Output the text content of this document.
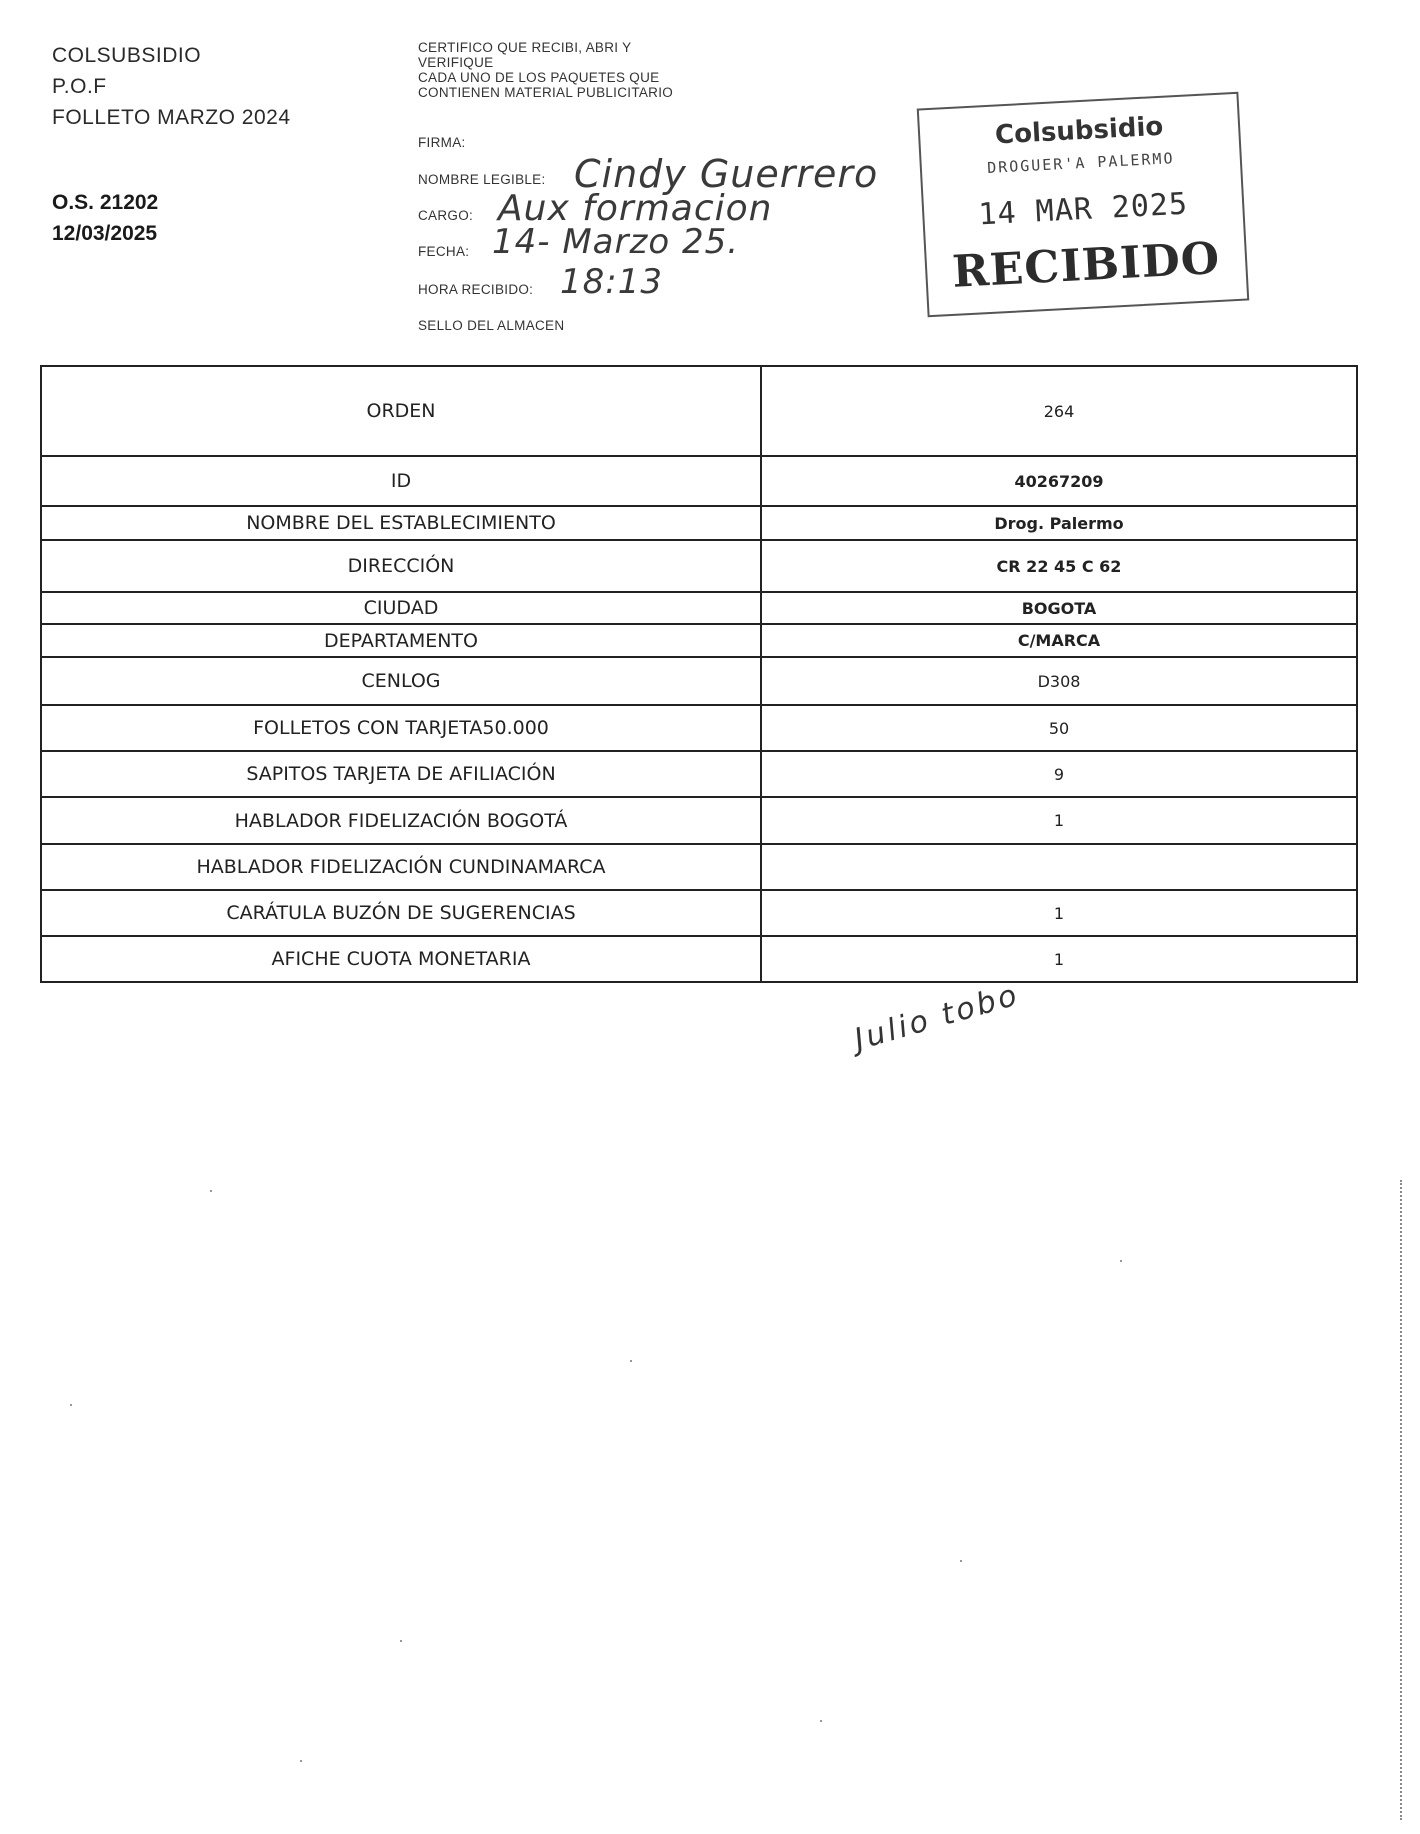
COLSUBSIDIO
P.O.F
FOLLETO MARZO 2024
O.S. 21202
12/03/2025
CERTIFICO QUE RECIBI, ABRI Y
VERIFIQUE
CADA UNO DE LOS PAQUETES QUE
CONTIENEN MATERIAL PUBLICITARIO
FIRMA:
NOMBRE LEGIBLE: Cindy Guerrero
CARGO: Aux formacion
FECHA: 14- Marzo 25.
HORA RECIBIDO: 18:13
SELLO DEL ALMACEN
Colsubsidio
DROGUER'A PALERMO
14 MAR 2025
RECIBIDO
ORDEN	264
ID	40267209
NOMBRE DEL ESTABLECIMIENTO	Drog. Palermo
DIRECCIÓN	CR 22 45 C 62
CIUDAD	BOGOTA
DEPARTAMENTO	C/MARCA
CENLOG	D308
FOLLETOS CON TARJETA50.000	50
SAPITOS TARJETA DE AFILIACIÓN	9
HABLADOR FIDELIZACIÓN BOGOTÁ	1
HABLADOR FIDELIZACIÓN CUNDINAMARCA	
CARÁTULA BUZÓN DE SUGERENCIAS	1
AFICHE CUOTA MONETARIA	1
Julio tobo
